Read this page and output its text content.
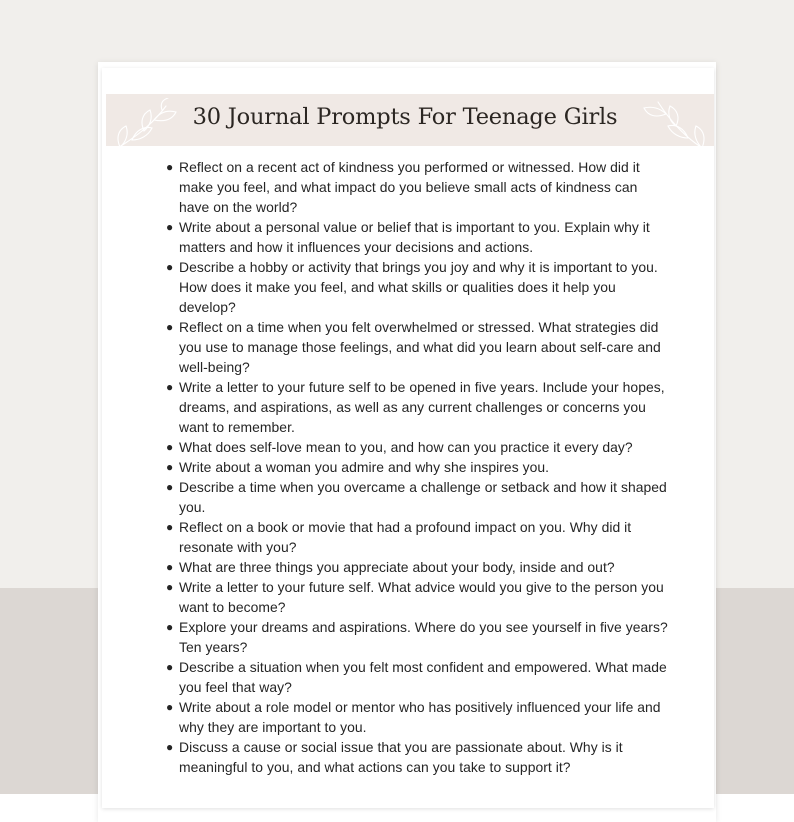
30 Journal Prompts For Teenage Girls
● Reflect on a recent act of kindness you performed or witnessed. How did it make you feel, and what impact do you believe small acts of kindness can have on the world?
● Write about a personal value or belief that is important to you. Explain why it matters and how it influences your decisions and actions.
● Describe a hobby or activity that brings you joy and why it is important to you. How does it make you feel, and what skills or qualities does it help you develop?
● Reflect on a time when you felt overwhelmed or stressed. What strategies did you use to manage those feelings, and what did you learn about self-care and well-being?
● Write a letter to your future self to be opened in five years. Include your hopes, dreams, and aspirations, as well as any current challenges or concerns you want to remember.
● What does self-love mean to you, and how can you practice it every day?
● Write about a woman you admire and why she inspires you.
● Describe a time when you overcame a challenge or setback and how it shaped you.
● Reflect on a book or movie that had a profound impact on you. Why did it resonate with you?
● What are three things you appreciate about your body, inside and out?
● Write a letter to your future self. What advice would you give to the person you want to become?
● Explore your dreams and aspirations. Where do you see yourself in five years? Ten years?
● Describe a situation when you felt most confident and empowered. What made you feel that way?
● Write about a role model or mentor who has positively influenced your life and why they are important to you.
● Discuss a cause or social issue that you are passionate about. Why is it meaningful to you, and what actions can you take to support it?
